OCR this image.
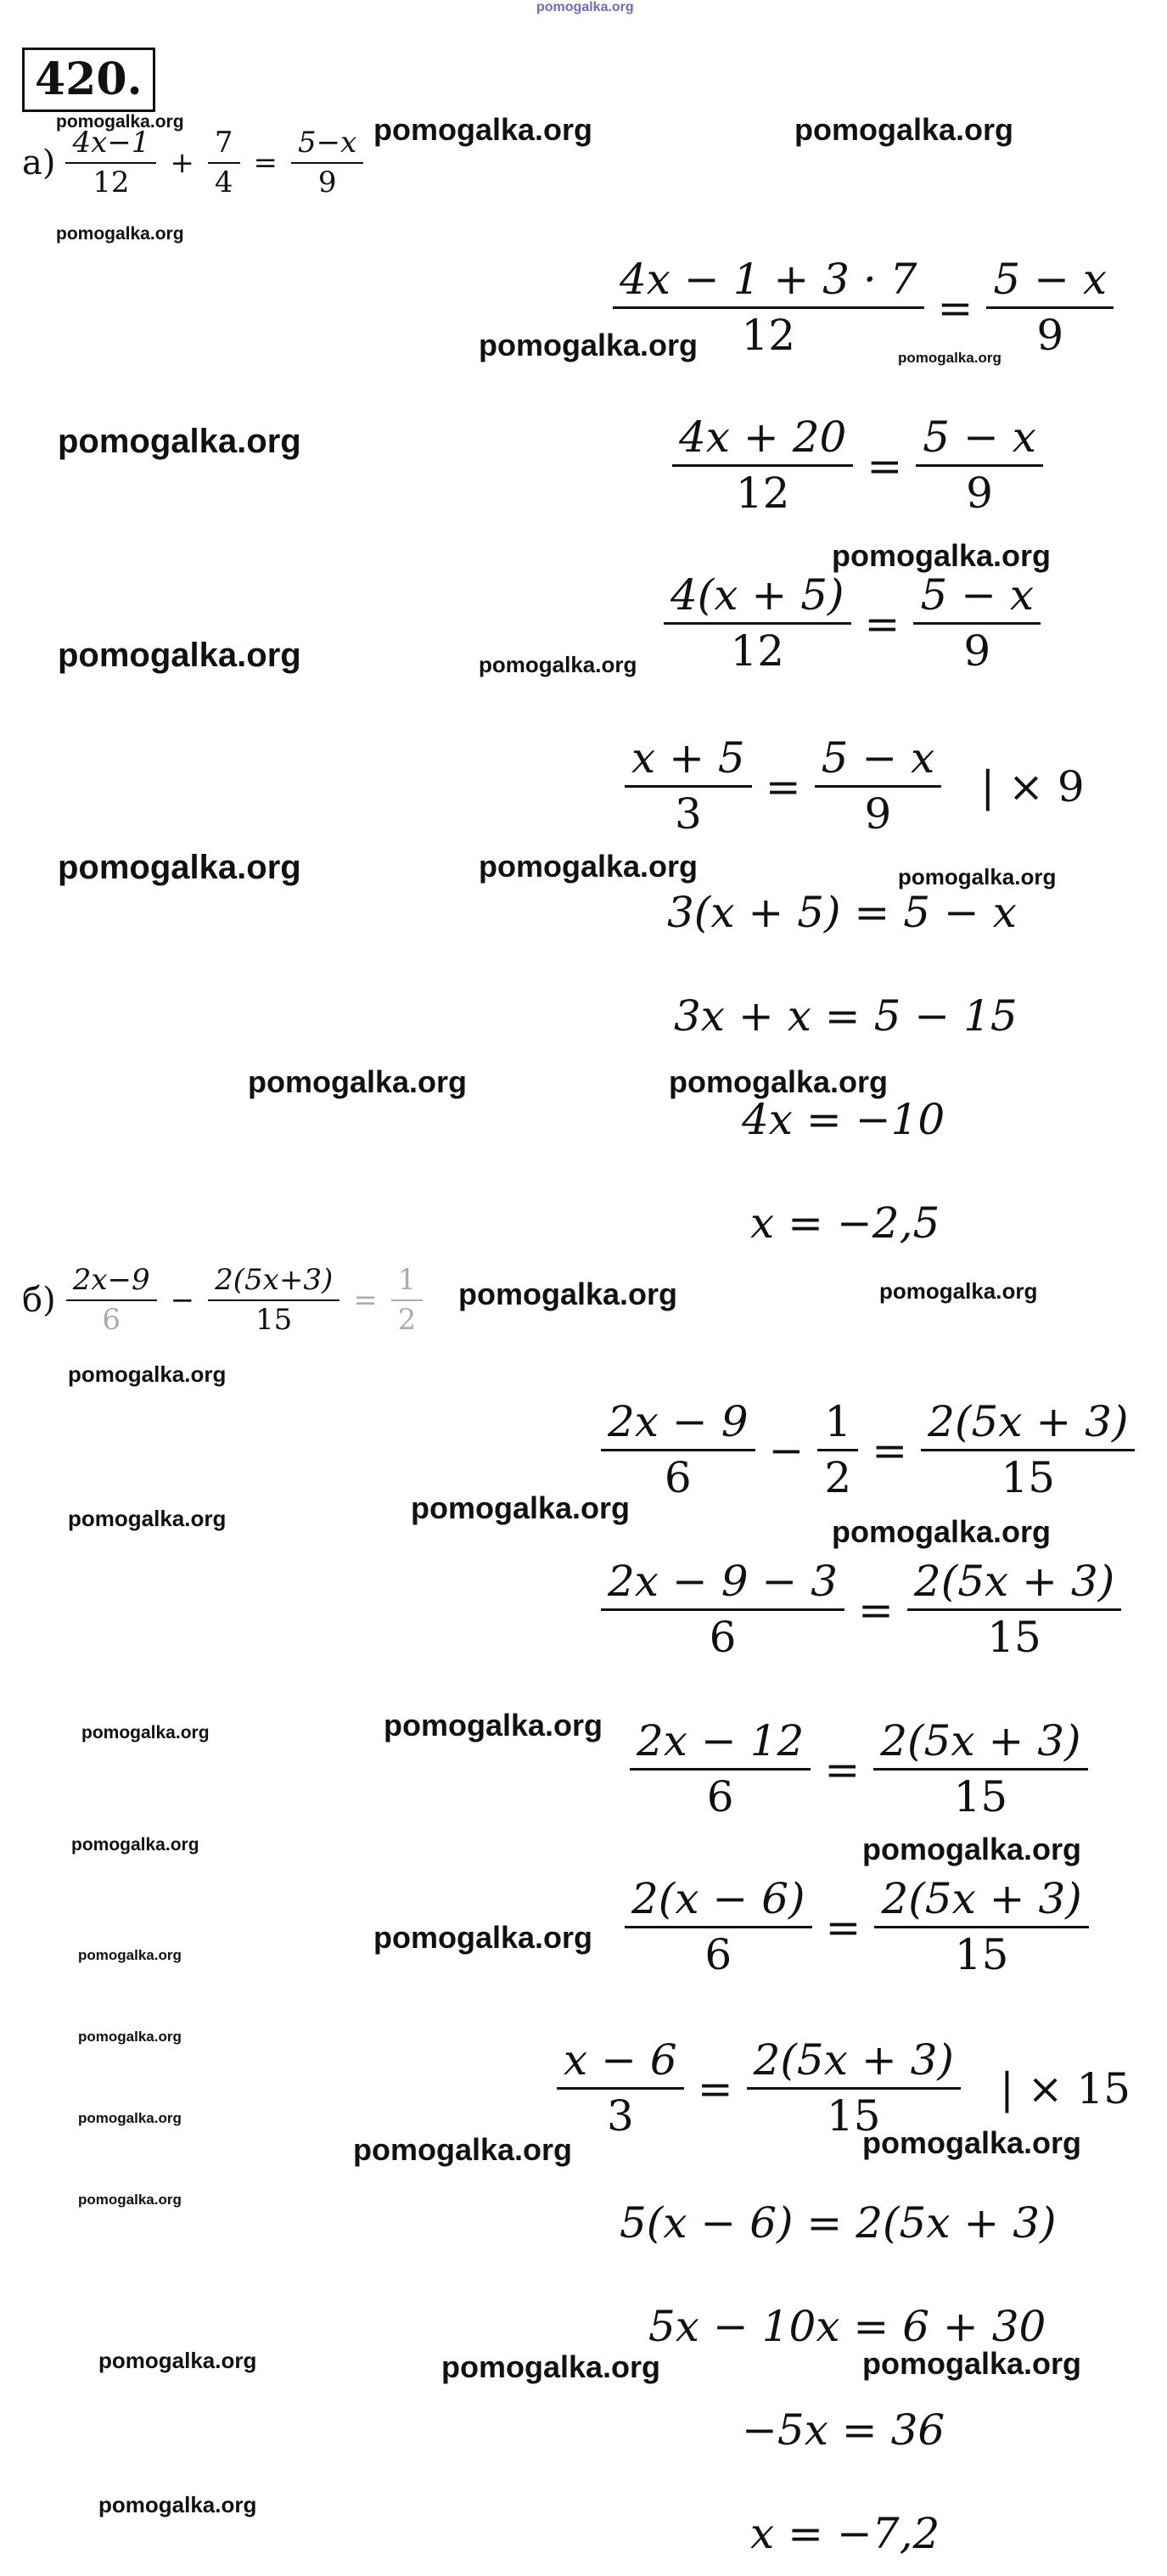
pomogalka.org
420.
$а) \frac{4x-1}{12} + \frac{7}{4} = \frac{5-x}{9}$
$\frac{4x - 1 + 3 \cdot 7}{12} = \frac{5 - x}{9}$
$\frac{4x + 20}{12} = \frac{5 - x}{9}$
$\frac{4(x + 5)}{12} = \frac{5 - x}{9}$
$\frac{x + 5}{3} = \frac{5 - x}{9}$ | × 9
3(x + 5) = 5 − x
3x + x = 5 − 15
4x = −10
x = −2,5
$б) \frac{2x-9}{6} - \frac{2(5x+3)}{15} = \frac{1}{2}$
$\frac{2x - 9}{6} - \frac{1}{2} = \frac{2(5x + 3)}{15}$
$\frac{2x - 9 - 3}{6} = \frac{2(5x + 3)}{15}$
$\frac{2x - 12}{6} = \frac{2(5x + 3)}{15}$
$\frac{2(x - 6)}{6} = \frac{2(5x + 3)}{15}$
$\frac{x - 6}{3} = \frac{2(5x + 3)}{15}$ | × 15
5(x − 6) = 2(5x + 3)
5x − 10x = 6 + 30
−5x = 36
x = −7,2
pomogalka.org	pomogalka.org	pomogalka.org
pomogalka.org
pomogalka.org	pomogalka.org
pomogalka.org
pomogalka.org
pomogalka.org	pomogalka.org
pomogalka.org	pomogalka.org	pomogalka.org
pomogalka.org	pomogalka.org
pomogalka.org	pomogalka.org
pomogalka.org
pomogalka.org	pomogalka.org
pomogalka.org
pomogalka.org	pomogalka.org
pomogalka.org	pomogalka.org
pomogalka.org
pomogalka.org
pomogalka.org
pomogalka.org
pomogalka.org	pomogalka.org
pomogalka.org
pomogalka.org	pomogalka.org	pomogalka.org
pomogalka.org
